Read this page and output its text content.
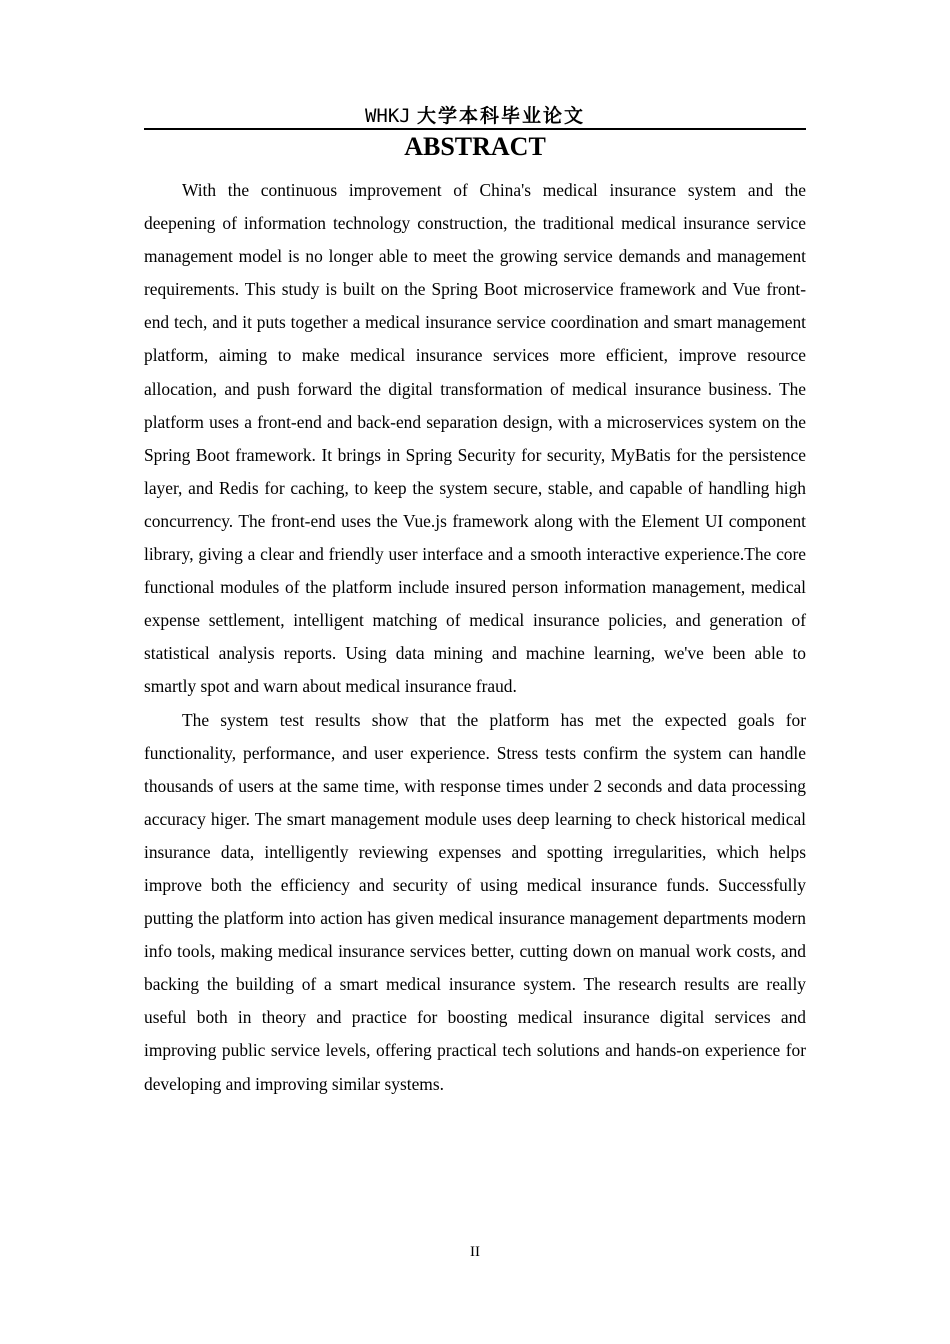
WHKJ 大学本科毕业论文
ABSTRACT

With the continuous improvement of China's medical insurance system and the deepening of information technology construction, the traditional medical insurance service management model is no longer able to meet the growing service demands and management requirements. This study is built on the Spring Boot microservice framework and Vue front-end tech, and it puts together a medical insurance service coordination and smart management platform, aiming to make medical insurance services more efficient, improve resource allocation, and push forward the digital transformation of medical insurance business. The platform uses a front-end and back-end separation design, with a microservices system on the Spring Boot framework. It brings in Spring Security for security, MyBatis for the persistence layer, and Redis for caching, to keep the system secure, stable, and capable of handling high concurrency. The front-end uses the Vue.js framework along with the Element UI component library, giving a clear and friendly user interface and a smooth interactive experience.The core functional modules of the platform include insured person information management, medical expense settlement, intelligent matching of medical insurance policies, and generation of statistical analysis reports. Using data mining and machine learning, we've been able to smartly spot and warn about medical insurance fraud.

The system test results show that the platform has met the expected goals for functionality, performance, and user experience. Stress tests confirm the system can handle thousands of users at the same time, with response times under 2 seconds and data processing accuracy higer. The smart management module uses deep learning to check historical medical insurance data, intelligently reviewing expenses and spotting irregularities, which helps improve both the efficiency and security of using medical insurance funds. Successfully putting the platform into action has given medical insurance management departments modern info tools, making medical insurance services better, cutting down on manual work costs, and backing the building of a smart medical insurance system. The research results are really useful both in theory and practice for boosting medical insurance digital services and improving public service levels, offering practical tech solutions and hands-on experience for developing and improving similar systems.

II
